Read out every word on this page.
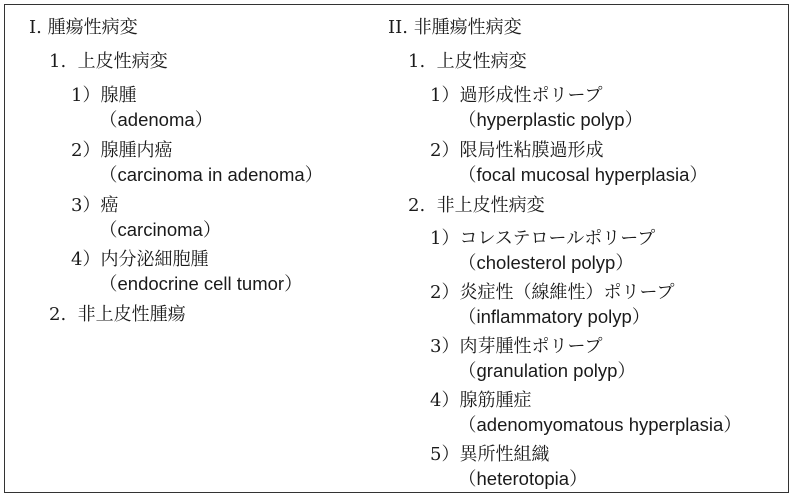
I. 腫瘍性病変
1. 上皮性病変
1）腺腫
（adenoma）
2）腺腫内癌
（carcinoma in adenoma）
3）癌
（carcinoma）
4）内分泌細胞腫
（endocrine cell tumor）
2. 非上皮性腫瘍
II. 非腫瘍性病変
1. 上皮性病変
1）過形成性ポリープ
（hyperplastic polyp）
2）限局性粘膜過形成
（focal mucosal hyperplasia）
2. 非上皮性病変
1）コレステロールポリープ
（cholesterol polyp）
2）炎症性（線維性）ポリープ
（inflammatory polyp）
3）肉芽腫性ポリープ
（granulation polyp）
4）腺筋腫症
（adenomyomatous hyperplasia）
5）異所性組織
（heterotopia）
